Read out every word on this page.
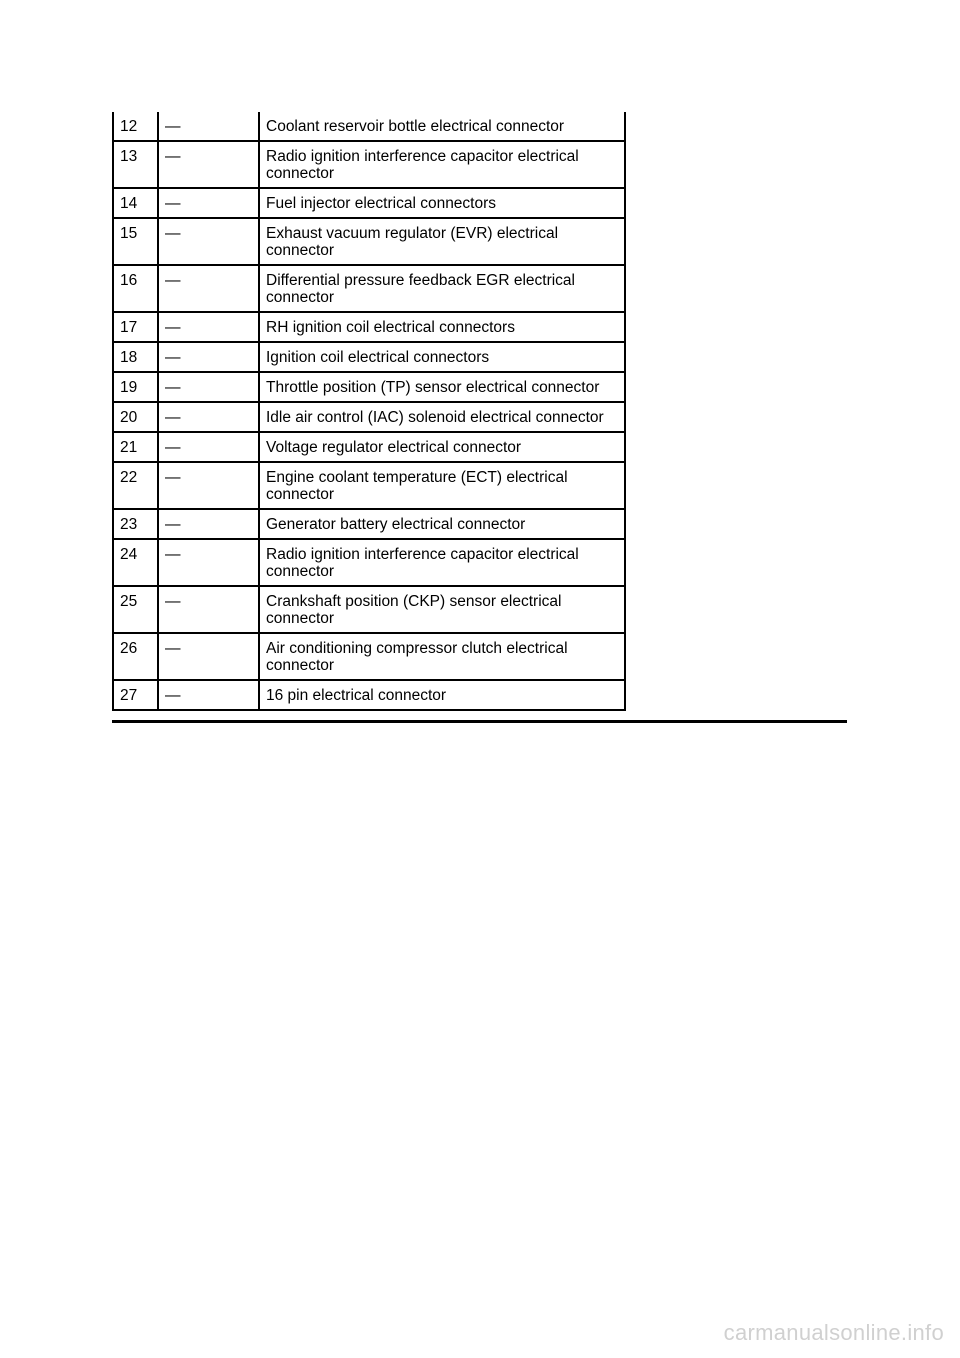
12	—	Coolant reservoir bottle electrical connector
13	—	Radio ignition interference capacitor electrical connector
14	—	Fuel injector electrical connectors
15	—	Exhaust vacuum regulator (EVR) electrical connector
16	—	Differential pressure feedback EGR electrical connector
17	—	RH ignition coil electrical connectors
18	—	Ignition coil electrical connectors
19	—	Throttle position (TP) sensor electrical connector
20	—	Idle air control (IAC) solenoid electrical connector
21	—	Voltage regulator electrical connector
22	—	Engine coolant temperature (ECT) electrical connector
23	—	Generator battery electrical connector
24	—	Radio ignition interference capacitor electrical connector
25	—	Crankshaft position (CKP) sensor electrical connector
26	—	Air conditioning compressor clutch electrical connector
27	—	16 pin electrical connector
carmanualsonline.info
